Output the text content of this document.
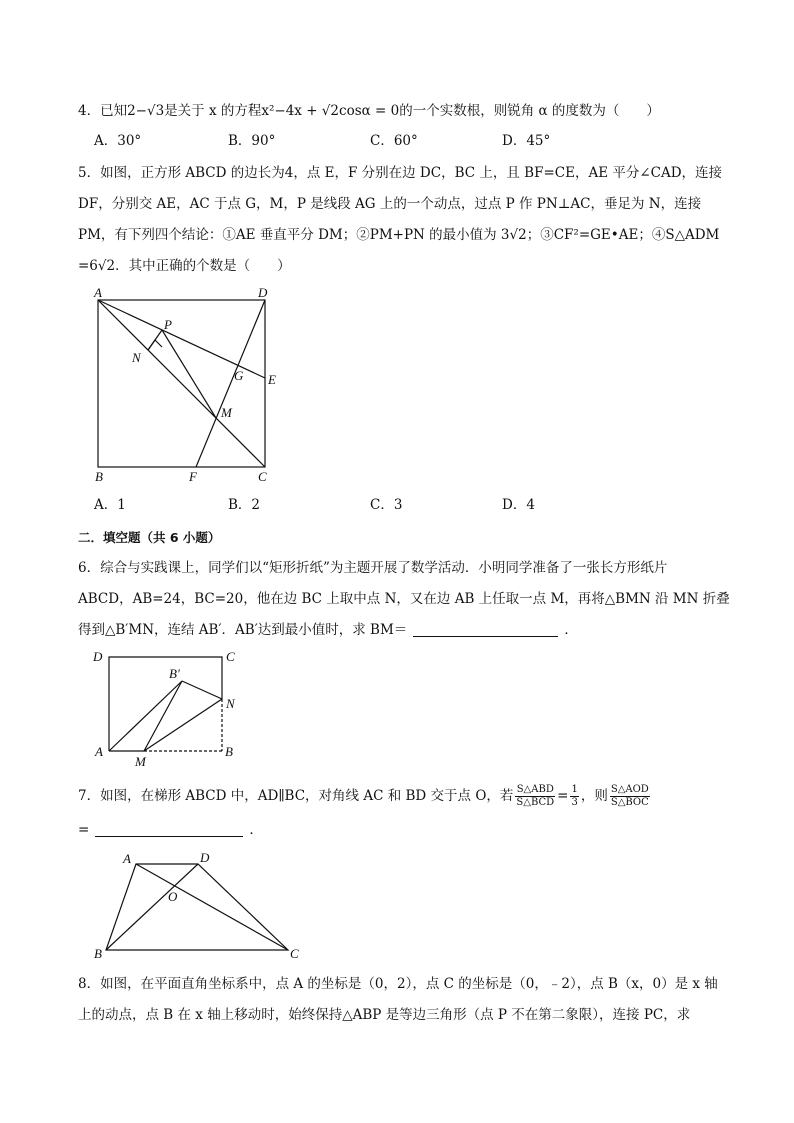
4．已知2−√3是关于 x 的方程x²−4x + √2cosα = 0的一个实数根，则锐角 α 的度数为（　　）
A．30°	B．90°	C．60°	D．45°
5．如图，正方形 ABCD 的边长为4，点 E，F 分别在边 DC，BC 上，且 BF=CE，AE 平分∠CAD，连接
DF，分别交 AE，AC 于点 G，M，P 是线段 AG 上的一个动点，过点 P 作 PN⊥AC，垂足为 N，连接
PM，有下列四个结论：①AE 垂直平分 DM；②PM+PN 的最小值为 3√2；③CF²=GE•AE；④S△ADM
=6√2．其中正确的个数是（　　）
A	D
B	C
E
F
G
M
N
P
A．1	B．2	C．3	D．4
二．填空题（共 6 小题）
6．综合与实践课上，同学们以“矩形折纸”为主题开展了数学活动．小明同学准备了一张长方形纸片
ABCD，AB=24，BC=20，他在边 BC 上取中点 N，又在边 AB 上任取一点 M，再将△BMN 沿 MN 折叠
得到△B′MN，连结 AB′．AB′达到最小值时，求 BM＝	．
D	C
A	B
B′
N
M
7．如图，在梯形 ABCD 中，AD∥BC，对角线 AC 和 BD 交于点 O，若 $\frac{\text{S△ABD}}{\text{S△BCD}} = \frac{1}{3}$ ，则 $\frac{\text{S△AOD}}{\text{S△BOC}}$
=	．
A	D
B	C
O
8．如图，在平面直角坐标系中，点 A 的坐标是（0，2），点 C 的坐标是（0，﹣2），点 B（x，0）是 x 轴
上的动点，点 B 在 x 轴上移动时，始终保持△ABP 是等边三角形（点 P 不在第二象限），连接 PC，求
